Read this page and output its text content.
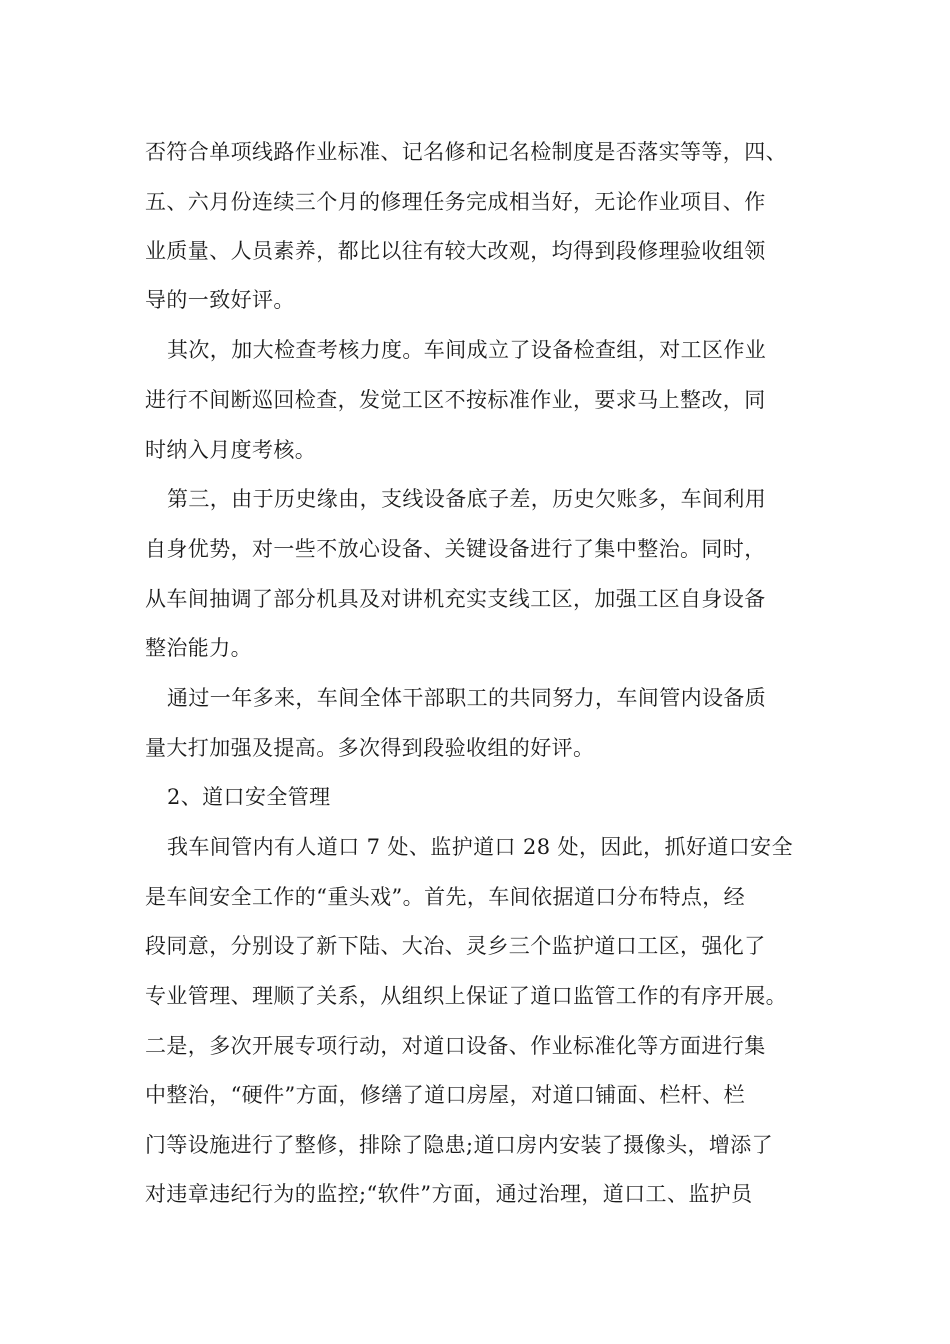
否符合单项线路作业标准、记名修和记名检制度是否落实等等，四、
五、六月份连续三个月的修理任务完成相当好，无论作业项目、作
业质量、人员素养，都比以往有较大改观，均得到段修理验收组领
导的一致好评。
其次，加大检查考核力度。车间成立了设备检查组，对工区作业
进行不间断巡回检查，发觉工区不按标准作业，要求马上整改，同
时纳入月度考核。
第三，由于历史缘由，支线设备底子差，历史欠账多，车间利用
自身优势，对一些不放心设备、关键设备进行了集中整治。同时，
从车间抽调了部分机具及对讲机充实支线工区，加强工区自身设备
整治能力。
通过一年多来，车间全体干部职工的共同努力，车间管内设备质
量大打加强及提高。多次得到段验收组的好评。
2、道口安全管理
我车间管内有人道口 7 处、监护道口 28 处，因此，抓好道口安全
是车间安全工作的“重头戏”。首先，车间依据道口分布特点，经
段同意，分别设了新下陆、大冶、灵乡三个监护道口工区，强化了
专业管理、理顺了关系，从组织上保证了道口监管工作的有序开展。
二是，多次开展专项行动，对道口设备、作业标准化等方面进行集
中整治，“硬件”方面，修缮了道口房屋，对道口铺面、栏杆、栏
门等设施进行了整修，排除了隐患;道口房内安装了摄像头，增添了
对违章违纪行为的监控;“软件”方面，通过治理，道口工、监护员
